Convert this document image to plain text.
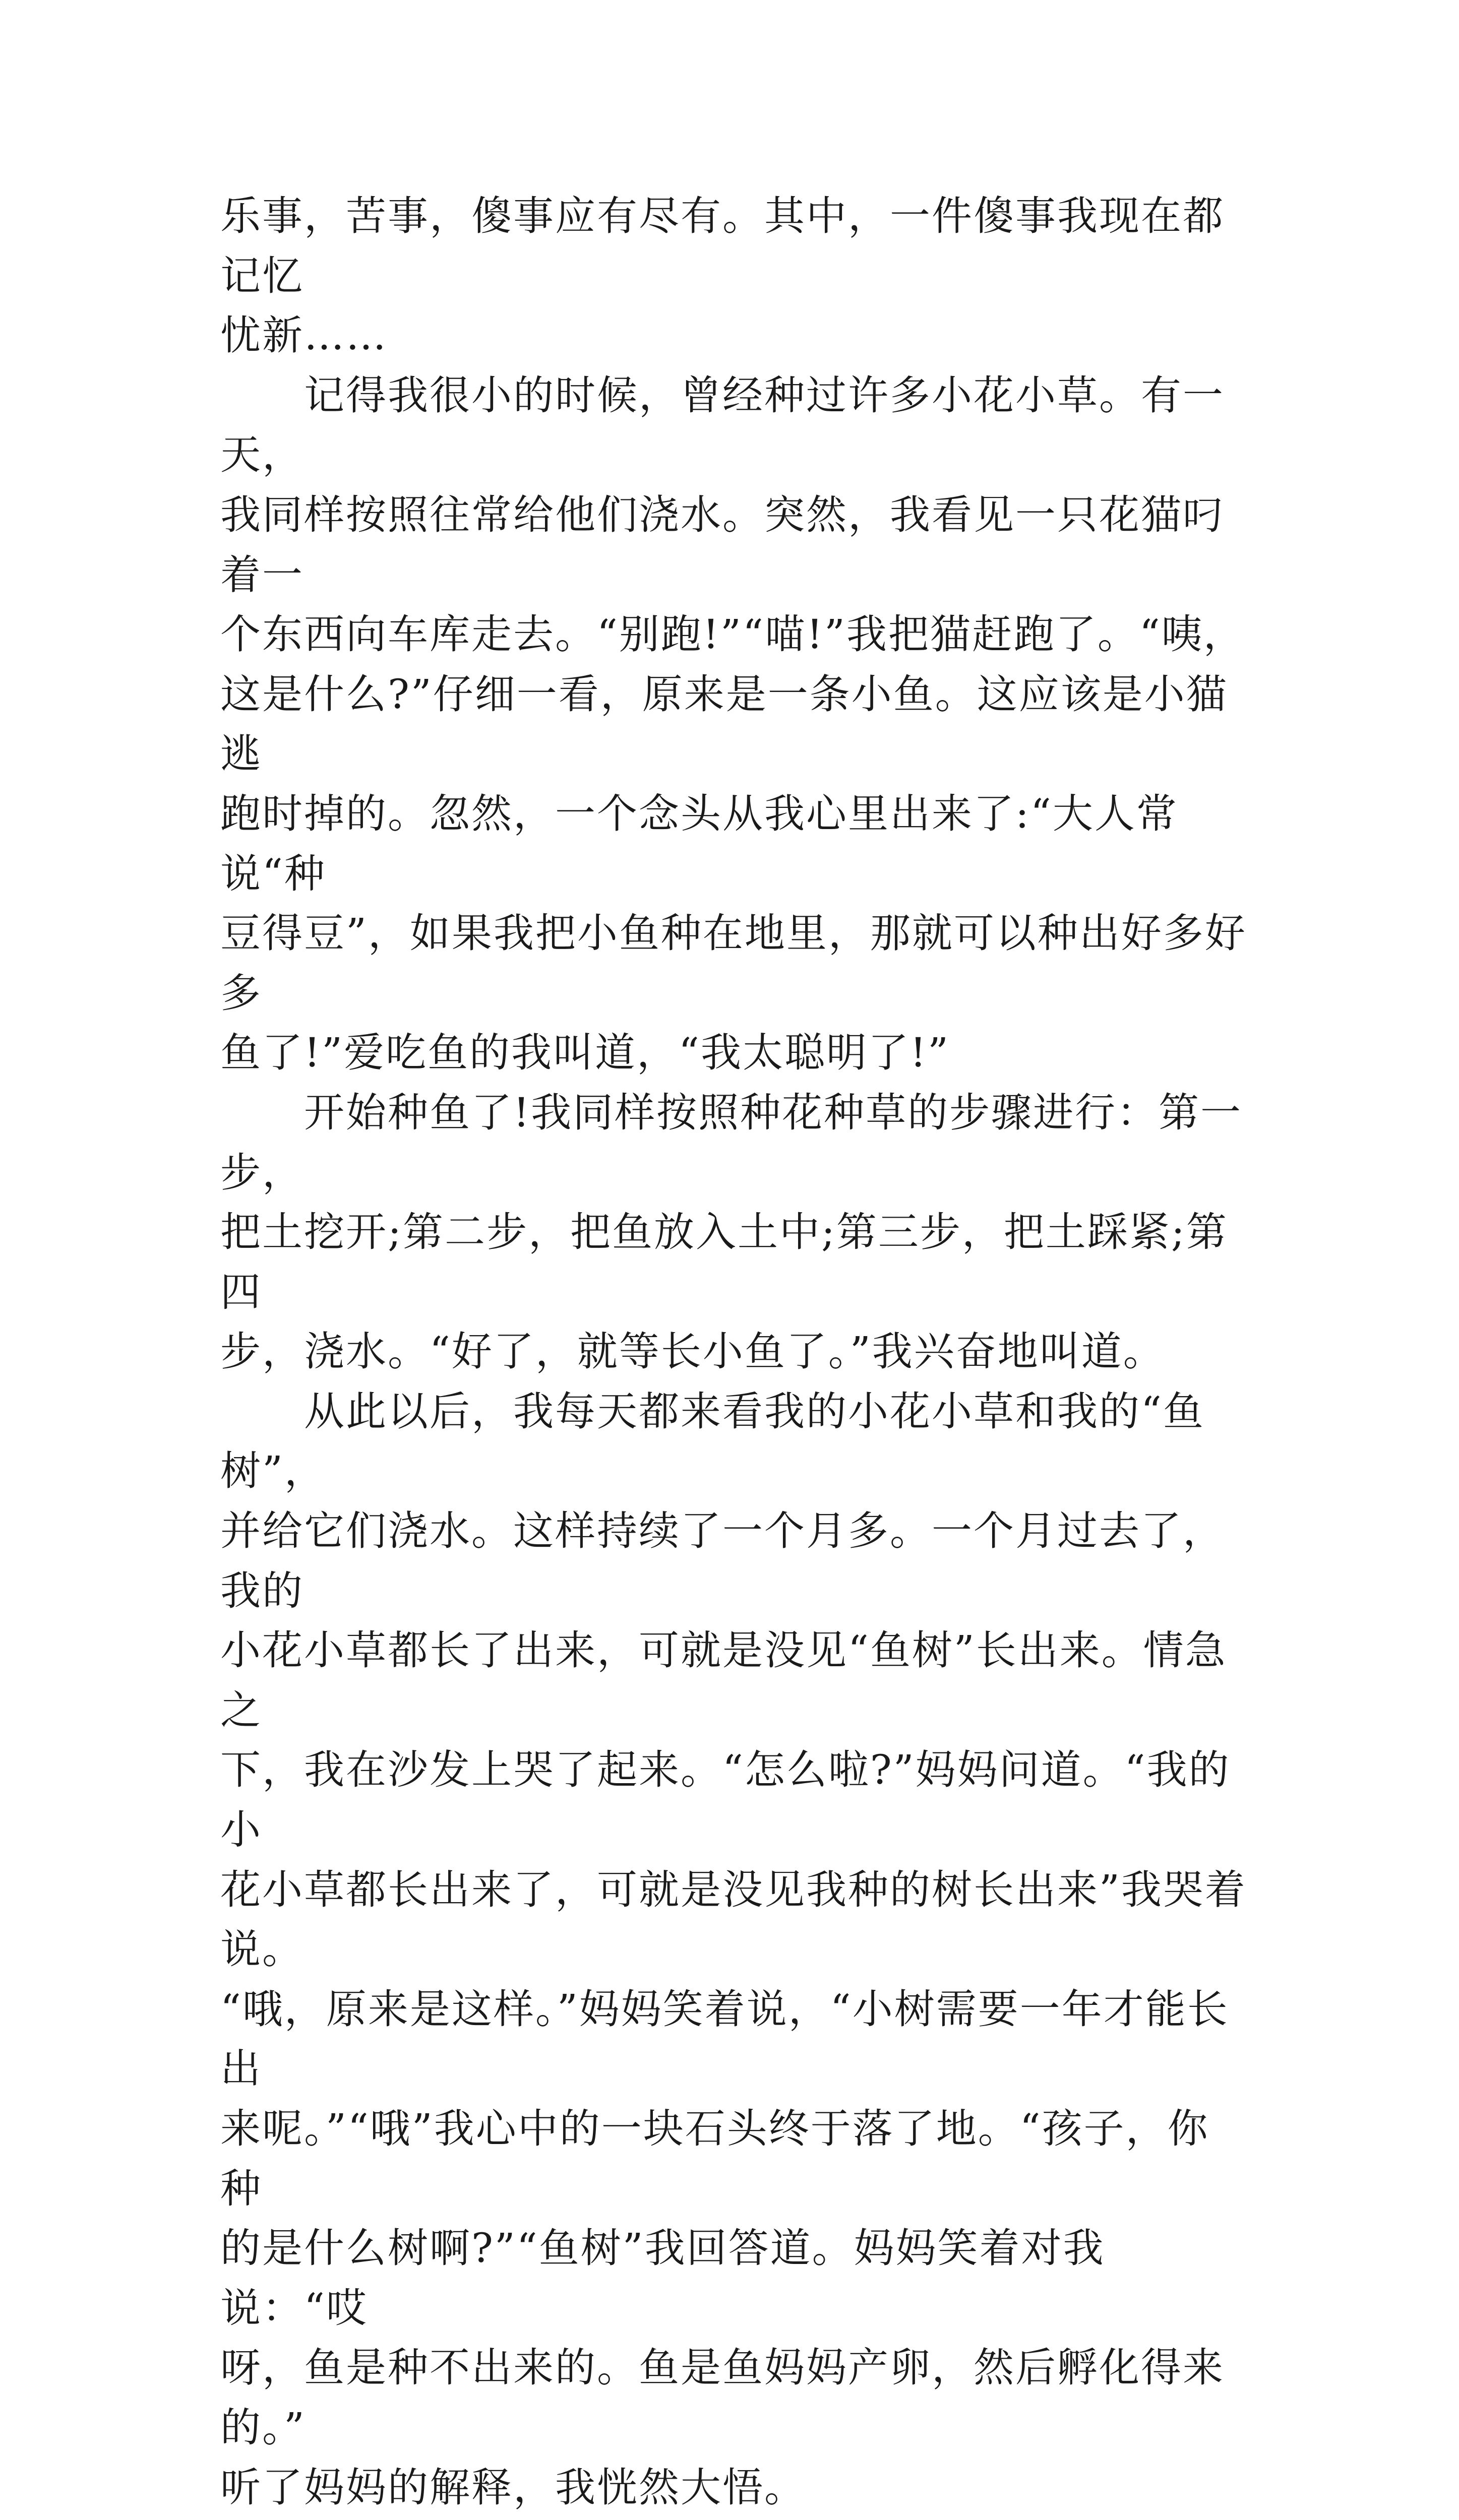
乐事，苦事，傻事应有尽有。其中，一件傻事我现在都记忆
忧新……

记得我很小的时候，曾经种过许多小花小草。有一天，
我同样按照往常给他们浇水。突然，我看见一只花猫叼着一
个东西向车库走去。“别跑!”“喵!”我把猫赶跑了。“咦，
这是什么?”仔细一看，原来是一条小鱼。这应该是小猫逃
跑时掉的。忽然，一个念头从我心里出来了:“大人常说“种
豆得豆”，如果我把小鱼种在地里，那就可以种出好多好多
鱼了!”爱吃鱼的我叫道，“我太聪明了!”

开始种鱼了!我同样按照种花种草的步骤进行：第一步，
把土挖开;第二步，把鱼放入土中;第三步，把土踩紧;第四
步，浇水。“好了，就等长小鱼了。”我兴奋地叫道。

从此以后，我每天都来看我的小花小草和我的“鱼树”，
并给它们浇水。这样持续了一个月多。一个月过去了，我的
小花小草都长了出来，可就是没见“鱼树”长出来。情急之
下，我在沙发上哭了起来。“怎么啦?”妈妈问道。“我的小
花小草都长出来了，可就是没见我种的树长出来”我哭着说。
“哦，原来是这样。”妈妈笑着说，“小树需要一年才能长出
来呢。”“哦”我心中的一块石头终于落了地。“孩子，你种
的是什么树啊?”“鱼树”我回答道。妈妈笑着对我说：“哎
呀，鱼是种不出来的。鱼是鱼妈妈产卵，然后孵化得来的。”
听了妈妈的解释，我恍然大悟。
